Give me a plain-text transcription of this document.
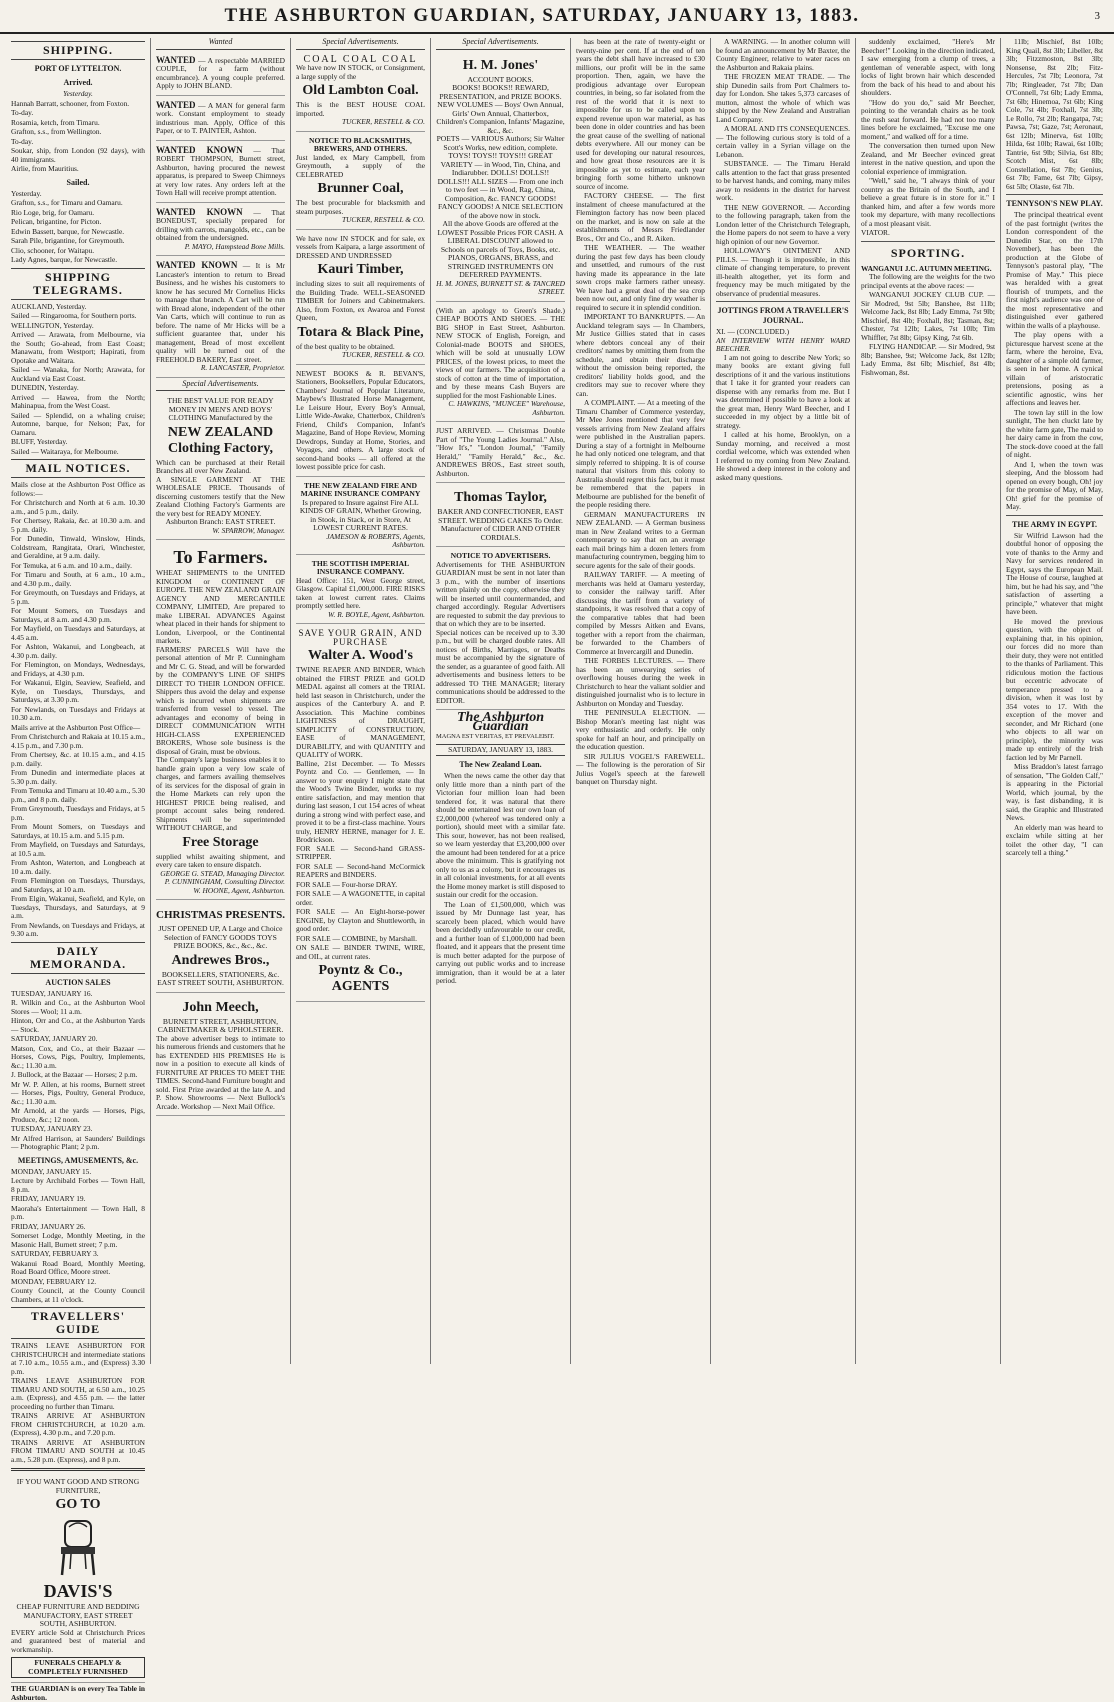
THE ASHBURTON GUARDIAN, SATURDAY, JANUARY 13, 1883.	3
SHIPPING.
PORT OF LYTTELTON.
Arrived.
Yesterday.
Hannah Barratt, schooner, from Foxton.
To-day.
Rosamia, ketch, from Timaru.
Grafton, s.s., from Wellington.
To-day.
Soukar, ship, from London (92 days), with 40 immigrants.
Airlie, from Mauritius.
Sailed.
Yesterday.
Grafton, s.s., for Timaru and Oamaru.
Rio Loge, brig, for Oamaru.
Pelican, brigantine, for Picton.
Edwin Bassett, barque, for Newcastle.
Sarah Pile, brigantine, for Greymouth.
Clio, schooner, for Waitapu.
Lady Agnes, barque, for Newcastle.
SHIPPING TELEGRAMS.
AUCKLAND, Yesterday.
Sailed — Ringarooma, for Southern ports.
WELLINGTON, Yesterday.
Arrived — Arawata, from Melbourne, via the South; Go-ahead, from East Coast; Manawatu, from Westport; Hapirati, from Opotake and Waitara.
Sailed — Wanaka, for North; Arawata, for Auckland via East Coast.
DUNEDIN, Yesterday.
Arrived — Hawea, from the North; Mahinapua, from the West Coast.
Sailed — Splendid, on a whaling cruise; Automne, barque, for Nelson; Pax, for Oamaru.
BLUFF, Yesterday.
Sailed — Waitaraya, for Melbourne.
MAIL NOTICES.
Mails close at the Ashburton Post Office as follows:—
For Christchurch and North at 6 a.m. 10.30 a.m., and 5 p.m., daily.
For Chertsey, Rakaia, &c. at 10.30 a.m. and 5 p.m. daily.
For Dunedin, Tinwald, Winslow, Hinds, Coldstream, Rangitata, Orari, Winchester, and Geraldine, at 9 a.m. daily.
For Temuka, at 6 a.m. and 10 a.m., daily.
For Timaru and South, at 6 a.m., 10 a.m., and 4.30 p.m., daily.
For Greymouth, on Tuesdays and Fridays, at 5 p.m.
For Mount Somers, on Tuesdays and Saturdays, at 8 a.m. and 4.30 p.m.
For Mayfield, on Tuesdays and Saturdays, at 4.45 a.m.
For Ashton, Wakanui, and Longbeach, at 4.30 p.m. daily.
For Flemington, on Mondays, Wednesdays, and Fridays, at 4.30 p.m.
For Wakanui, Elgin, Seaview, Seafield, and Kyle, on Tuesdays, Thursdays, and Saturdays, at 3.30 p.m.
For Newlands, on Tuesdays and Fridays at 10.30 a.m.
Mails arrive at the Ashburton Post Office—
From Christchurch and Rakaia at 10.15 a.m., 4.15 p.m., and 7.30 p.m.
From Chertsey, &c. at 10.15 a.m., and 4.15 p.m. daily.
From Dunedin and intermediate places at 5.30 p.m. daily.
From Temuka and Timaru at 10.40 a.m., 5.30 p.m., and 8 p.m. daily.
From Greymouth, Tuesdays and Fridays, at 5 p.m.
From Mount Somers, on Tuesdays and Saturdays, at 10.15 a.m. and 5.15 p.m.
From Mayfield, on Tuesdays and Saturdays, at 10.5 a.m.
From Ashton, Waterton, and Longbeach at 10 a.m. daily.
From Flemington on Tuesdays, Thursdays, and Saturdays, at 10 a.m.
From Elgin, Wakanui, Seafield, and Kyle, on Tuesdays, Thursdays, and Saturdays, at 9 a.m.
From Newlands, on Tuesdays and Fridays, at 9.30 a.m.
DAILY MEMORANDA.
AUCTION SALES
TUESDAY, JANUARY 16.
R. Wilkin and Co., at the Ashburton Wool Stores — Wool; 11 a.m.
Hinton, Orr and Co., at the Ashburton Yards — Stock.
SATURDAY, JANUARY 20.
Matson, Cox, and Co., at their Bazaar — Horses, Cows, Pigs, Poultry, Implements, &c.; 11.30 a.m.
J. Bullock, at the Bazaar — Horses; 2 p.m.
Mr W. P. Allen, at his rooms, Burnett street — Horses, Pigs, Poultry, General Produce, &c.; 11.30 a.m.
Mr Arnold, at the yards — Horses, Pigs, Produce, &c.; 12 noon.
TUESDAY, JANUARY 23.
Mr Alfred Harrison, at Saunders' Buildings — Photographic Plant; 2 p.m.
MEETINGS, AMUSEMENTS, &c.
MONDAY, JANUARY 15.
Lecture by Archibald Forbes — Town Hall, 8 p.m.
FRIDAY, JANUARY 19.
Maoraha's Entertainment — Town Hall, 8 p.m.
FRIDAY, JANUARY 26.
Somerset Lodge, Monthly Meeting, in the Masonic Hall, Burnett street; 7 p.m.
SATURDAY, FEBRUARY 3.
Wakanui Road Board, Monthly Meeting, Road Board Office, Moore street.
MONDAY, FEBRUARY 12.
County Council, at the County Council Chambers, at 11 o'clock.
TRAVELLERS' GUIDE
TRAINS LEAVE ASHBURTON FOR CHRISTCHURCH and intermediate stations at 7.10 a.m., 10.55 a.m., and (Express) 3.30 p.m.
TRAINS LEAVE ASHBURTON FOR TIMARU AND SOUTH, at 6.50 a.m., 10.25 a.m. (Express), and 4.55 p.m. — the latter proceeding no further than Timaru.
TRAINS ARRIVE AT ASHBURTON FROM CHRISTCHURCH, at 10.20 a.m. (Express), 4.30 p.m., and 7.20 p.m.
TRAINS ARRIVE AT ASHBURTON FROM TIMARU AND SOUTH at 10.45 a.m., 5.28 p.m. (Express), and 8 p.m.
IF YOU WANT GOOD AND STRONG FURNITURE,
GO TO
DAVIS'S
CHEAP FURNITURE AND BEDDING MANUFACTORY, EAST STREET SOUTH, ASHBURTON.
EVERY article Sold at Christchurch Prices and guaranteed best of material and workmanship.
FUNERALS CHEAPLY & COMPLETELY FURNISHED
THE GUARDIAN is on every Tea Table in Ashburton.
Wanted
WANTED — A respectable MARRIED COUPLE, for a farm (without encumbrance). A young couple preferred. Apply to JOHN BLAND.
WANTED — A MAN for general farm work. Constant employment to steady industrious man. Apply, Office of this Paper, or to T. PAINTER, Ashton.
WANTED KNOWN — That ROBERT THOMPSON, Burnett street, Ashburton, having procured the newest apparatus, is prepared to Sweep Chimneys at very low rates. Any orders left at the Town Hall will receive prompt attention.
WANTED KNOWN — That BONEDUST, specially prepared for drilling with carrots, mangolds, etc., can be obtained from the undersigned.
P. MAYO, Hampstead Bone Mills.
WANTED KNOWN — It is Mr Lancaster's intention to return to Bread Business, and he wishes his customers to know he has secured Mr Cornelius Hicks to manage that branch. A Cart will be run with Bread alone, independent of the other Van Carts, which will continue to run as before. The name of Mr Hicks will be a sufficient guarantee that, under his management, Bread of most excellent quality will be turned out of the FREEHOLD BAKERY, East street.
R. LANCASTER, Proprietor.
Special Advertisements.
THE BEST VALUE FOR READY MONEY IN MEN'S AND BOYS' CLOTHING Manufactured by the
NEW ZEALAND Clothing Factory,
Which can be purchased at their Retail Branches all over New Zealand.
A SINGLE GARMENT AT THE WHOLESALE PRICE. Thousands of discerning customers testify that the New Zealand Clothing Factory's Garments are the very best for READY MONEY.
Ashburton Branch: EAST STREET.
W. SPARROW, Manager.
To Farmers.
WHEAT SHIPMENTS to the UNITED KINGDOM or CONTINENT OF EUROPE. THE NEW ZEALAND GRAIN AGENCY AND MERCANTILE COMPANY, LIMITED, Are prepared to make LIBERAL ADVANCES Against wheat placed in their hands for shipment to London, Liverpool, or the Continental markets.
FARMERS' PARCELS Will have the personal attention of Mr P. Cunningham and Mr C. G. Stead, and will be forwarded by the COMPANY'S LINE OF SHIPS DIRECT TO THEIR LONDON OFFICE. Shippers thus avoid the delay and expense which is incurred when shipments are transferred from vessel to vessel. The advantages and economy of being in DIRECT COMMUNICATION WITH HIGH-CLASS EXPERIENCED BROKERS, Whose sole business is the disposal of Grain, must be obvious.
The Company's large business enables it to handle grain upon a very low scale of charges, and farmers availing themselves of its services for the disposal of grain in the Home Markets can rely upon the HIGHEST PRICE being realised, and prompt account sales being rendered. Shipments will be superintended WITHOUT CHARGE, and
Free Storage
supplied whilst awaiting shipment, and every care taken to ensure dispatch.
GEORGE G. STEAD, Managing Director. P. CUNNINGHAM, Consulting Director. W. HOONE, Agent, Ashburton.
CHRISTMAS PRESENTS.
JUST OPENED UP, A Large and Choice Selection of FANCY GOODS TOYS PRIZE BOOKS, &c., &c., &c.
Andrewes Bros.,
BOOKSELLERS, STATIONERS, &c. EAST STREET SOUTH, ASHBURTON.
John Meech,
BURNETT STREET, ASHBURTON, CABINETMAKER & UPHOLSTERER.
The above advertiser begs to intimate to his numerous friends and customers that he has EXTENDED HIS PREMISES He is now in a position to execute all kinds of FURNITURE AT PRICES TO MEET THE TIMES. Second-hand Furniture bought and sold. First Prize awarded at the late A. and P. Show. Showrooms — Next Bullock's Arcade. Workshop — Next Mail Office.
Special Advertisements.
COAL COAL COAL
We have now IN STOCK, or Consignment, a large supply of the
Old Lambton Coal.
This is the BEST HOUSE COAL imported.
TUCKER, RESTELL & CO.
NOTICE TO BLACKSMITHS, BREWERS, AND OTHERS.
Just landed, ex Mary Campbell, from Greymouth, a supply of the CELEBRATED
Brunner Coal,
The best procurable for blacksmith and steam purposes.
TUCKER, RESTELL & CO.
We have now IN STOCK and for sale, ex vessels from Kaipara, a large assortment of DRESSED AND UNDRESSED
Kauri Timber,
including sizes to suit all requirements of the Building Trade. WELL-SEASONED TIMBER for Joiners and Cabinetmakers. Also, from Foxton, ex Awaroa and Forest Queen,
Totara & Black Pine,
of the best quality to be obtained.
TUCKER, RESTELL & CO.
NEWEST BOOKS & R. BEVAN'S, Stationers, Booksellers, Popular Educators, Chambers' Journal of Popular Literature, Maybew's Illustrated Horse Management, Le Leisure Hour, Every Boy's Annual, Little Wide-Awake, Chatterbox, Children's Friend, Child's Companion, Infant's Magazine, Band of Hope Review, Morning Dewdrops, Sunday at Home, Stories, and Voyages, and others. A large stock of second-hand books — all offered at the lowest possible price for cash.
THE NEW ZEALAND FIRE AND MARINE INSURANCE COMPANY
Is prepared to Insure against Fire ALL KINDS OF GRAIN, Whether Growing, in Stook, in Stack, or in Store, At LOWEST CURRENT RATES.
JAMESON & ROBERTS, Agents, Ashburton.
THE SCOTTISH IMPERIAL INSURANCE COMPANY.
Head Office: 151, West George street, Glasgow. Capital £1,000,000. FIRE RISKS taken at lowest current rates. Claims promptly settled here.
W. R. BOYLE, Agent, Ashburton.
SAVE YOUR GRAIN, AND PURCHASE
Walter A. Wood's
TWINE REAPER AND BINDER, Which obtained the FIRST PRIZE and GOLD MEDAL against all comers at the TRIAL held last season in Christchurch, under the auspices of the Canterbury A. and P. Association. This Machine combines LIGHTNESS of DRAUGHT, SIMPLICITY of CONSTRUCTION, EASE of MANAGEMENT, DURABILITY, and with QUANTITY and QUALITY of WORK.
Balline, 21st December. — To Messrs Poyntz and Co. — Gentlemen, — In answer to your enquiry I might state that the Wood's Twine Binder, works to my entire satisfaction, and may mention that during last season, I cut 154 acres of wheat during a strong wind with perfect ease, and proved it to be a first-class machine. Yours truly, HENRY HERNE, manager for J. E. Brodrickson.
FOR SALE — Second-hand GRASS-STRIPPER.
FOR SALE — Second-hand McCormick REAPERS and BINDERS.
FOR SALE — Four-horse DRAY.
FOR SALE — A WAGONETTE, in capital order.
FOR SALE — An Eight-horse-power ENGINE, by Clayton and Shuttleworth, in good order.
FOR SALE — COMBINE, by Marshall.
ON SALE — BINDER TWINE, WIRE, and OIL, at current rates.
Poyntz & Co., AGENTS
Special Advertisements.
H. M. Jones'
ACCOUNT BOOKS.
BOOKS! BOOKS!! REWARD, PRESENTATION, and PRIZE BOOKS. NEW VOLUMES — Boys' Own Annual, Girls' Own Annual, Chatterbox, Children's Companion, Infants' Magazine, &c., &c.
POETS — VARIOUS Authors; Sir Walter Scott's Works, new edition, complete. TOYS! TOYS!! TOYS!!! GREAT VARIETY — in Wood, Tin, China, and Indiarubber. DOLLS! DOLLS!! DOLLS!!! ALL SIZES — From one inch to two feet — in Wood, Rag, China, Composition, &c. FANCY GOODS! FANCY GOODS! A NICE SELECTION of the above now in stock.
All the above Goods are offered at the LOWEST Possible Prices FOR CASH. A LIBERAL DISCOUNT allowed to Schools on parcels of Toys, Books, etc. PIANOS, ORGANS, BRASS, and STRINGED INSTRUMENTS ON DEFERRED PAYMENTS.
H. M. JONES, BURNETT ST. & TANCRED STREET.
(With an apology to Green's Shade.) CHEAP BOOTS AND SHOES. — THE BIG SHOP in East Street, Ashburton. NEW STOCK of English, Foreign, and Colonial-made BOOTS and SHOES, which will be sold at unusually LOW PRICES, of the lowest prices, to meet the views of our farmers. The acquisition of a stock of cotton at the time of importation, and by these means Cash Buyers are supplied for the most Fashionable Lines.
C. HAWKINS, "MUNCEE" Warehouse, Ashburton.
JUST ARRIVED. — Christmas Double Part of "The Young Ladies Journal." Also, "How It's," "London Journal," "Family Herald," "Family Herald," &c., &c. ANDREWES BROS., East street south, Ashburton.
Thomas Taylor,
BAKER AND CONFECTIONER, EAST STREET. WEDDING CAKES To Order. Manufacturer of CIDER AND OTHER CORDIALS.
NOTICE TO ADVERTISERS.
Advertisements for THE ASHBURTON GUARDIAN must be sent in not later than 3 p.m., with the number of insertions written plainly on the copy, otherwise they will be inserted until countermanded, and charged accordingly. Regular Advertisers are requested to submit the day previous to that on which they are to be inserted.
Special notices can be received up to 3.30 p.m., but will be charged double rates. All notices of Births, Marriages, or Deaths must be accompanied by the signature of the sender, as a guarantee of good faith. All advertisements and business letters to be addressed TO THE MANAGER; literary communications should be addressed to the EDITOR.
The Ashburton Guardian
MAGNA EST VERITAS, ET PREVALEBIT.
SATURDAY, JANUARY 13, 1883.
The New Zealand Loan.

When the news came the other day that only little more than a ninth part of the Victorian four million loan had been tendered for, it was natural that there should be entertained lest our own loan of £2,000,000 (whereof was tendered only a portion), should meet with a similar fate. This sour, however, has not been realised, so we learn yesterday that £3,200,000 over the amount had been tendered for at a price above the minimum. This is gratifying not only to us as a colony, but it encourages us in all colonial investments, for at all events the Home money market is still disposed to sustain our credit for the occasion.

The Loan of £1,500,000, which was issued by Mr Dunnage last year, has scarcely been placed, which would have been decidedly unfavourable to our credit, and a further loan of £1,000,000 had been floated, and it appears that the present time is much better adapted for the purpose of carrying out public works and to increase immigration, than it would be at a later period.

has been at the rate of twenty-eight or twenty-nine per cent. If at the end of ten years the debt shall have increased to £30 millions, our profit will be in the same proportion. Then, again, we have the prodigious advantage over European countries, in being, so far isolated from the rest of the world that it is next to impossible for us to be called upon to expend revenue upon war material, as has been done in older countries and has been the great cause of the swelling of national debts everywhere. All our money can be used for developing our natural resources, and how great those resources are it is impossible as yet to estimate, each year bringing forth some hitherto unknown source of income.

FACTORY CHEESE. — The first instalment of cheese manufactured at the Flemington factory has now been placed on the market, and is now on sale at the establishments of Messrs Friedlander Bros., Orr and Co., and R. Aiken.

THE WEATHER. — The weather during the past few days has been cloudy and unsettled, and rumours of the rust having made its appearance in the late sown crops make farmers rather uneasy. We have had a great deal of the sea crop been now out, and only fine dry weather is required to secure it in splendid condition.

IMPORTANT TO BANKRUPTS. — An Auckland telegram says — In Chambers, Mr Justice Gillies stated that in cases where debtors conceal any of their creditors' names by omitting them from the schedule, and obtain their discharge without the omission being reported, the creditors' liability holds good, and the creditors may sue to recover where they can.

A COMPLAINT. — At a meeting of the Timaru Chamber of Commerce yesterday, Mr Mee Jones mentioned that very few vessels arriving from New Zealand affairs were published in the Australian papers. During a stay of a fortnight in Melbourne he had only noticed one telegram, and that simply referred to shipping. It is of course natural that visitors from this colony to Australia should regret this fact, but it must be remembered that the papers in Melbourne are published for the benefit of the people residing there.

GERMAN MANUFACTURERS IN NEW ZEALAND. — A German business man in New Zealand writes to a German contemporary to say that on an average each mail brings him a dozen letters from manufacturing countrymen, begging him to secure agents for the sale of their goods.

RAILWAY TARIFF. — A meeting of merchants was held at Oamaru yesterday, to consider the railway tariff. After discussing the tariff from a variety of standpoints, it was resolved that a copy of the comparative tables that had been compiled by Messrs Aitken and Evans, together with a report from the chairman, be forwarded to the Chambers of Commerce at Invercargill and Dunedin.

THE FORBES LECTURES. — There has been an unwearying series of overflowing houses during the week in Christchurch to hear the valiant soldier and distinguished journalist who is to lecture in Ashburton on Monday and Tuesday.

THE PENINSULA ELECTION. — Bishop Moran's meeting last night was very enthusiastic and orderly. He only spoke for half an hour, and principally on the education question.

SIR JULIUS VOGEL'S FAREWELL. — The following is the peroration of Sir Julius Vogel's speech at the farewell banquet on Thursday night.

A WARNING. — In another column will be found an announcement by Mr Baxter, the County Engineer, relative to water races on the Ashburton and Rakaia plains.

THE FROZEN MEAT TRADE. — The ship Dunedin sails from Port Chalmers to-day for London. She takes 5,373 carcases of mutton, almost the whole of which was shipped by the New Zealand and Australian Land Company.

A MORAL AND ITS CONSEQUENCES. — The following curious story is told of a certain valley in a Syrian village on the Lebanon.

SUBSTANCE. — The Timaru Herald calls attention to the fact that grass presented to be harvest hands, and coming, many miles away to residents in the district for harvest work.

THE NEW GOVERNOR. — According to the following paragraph, taken from the London letter of the Christchurch Telegraph, the Home papers do not seem to have a very high opinion of our new Governor.

HOLLOWAY'S OINTMENT AND PILLS. — Though it is impossible, in this climate of changing temperature, to prevent ill-health altogether, yet its form and frequency may be much mitigated by the observance of prudential measures.

JOTTINGS FROM A TRAVELLER'S JOURNAL.
XI. — (CONCLUDED.)
AN INTERVIEW WITH HENRY WARD BEECHER.

I am not going to describe New York; so many books are extant giving full descriptions of it and the various institutions that I take it for granted your readers can dispense with any remarks from me. But I was determined if possible to have a look at the great man, Henry Ward Beecher, and I succeeded in my object by a little bit of strategy.

I called at his home, Brooklyn, on a Sunday morning, and received a most cordial welcome, which was extended when I referred to my coming from New Zealand. He showed a deep interest in the colony and asked many questions.

suddenly exclaimed, "Here's Mr Beecher!" Looking in the direction indicated, I saw emerging from a clump of trees, a gentleman of venerable aspect, with long locks of light brown hair which descended from the back of his head to and about his shoulders.

"How do you do," said Mr Beecher, pointing to the verandah chairs as he took the rush seat forward. He had not too many lines before he exclaimed, "Excuse me one moment," and walked off for a time.

The conversation then turned upon New Zealand, and Mr Beecher evinced great interest in the native question, and upon the colonial experience of immigration.

"Well," said he, "I always think of your country as the Britain of the South, and I believe a great future is in store for it." I thanked him, and after a few words more took my departure, with many recollections of a most pleasant visit.

VIATOR.
SPORTING.
WANGANUI J.C. AUTUMN MEETING.

The following are the weights for the two principal events at the above races: —

WANGANUI JOCKEY CLUB CUP. — Sir Modred, 9st 5lb; Banshee, 8st 11lb; Welcome Jack, 8st 8lb; Lady Emma, 7st 9lb; Mischief, 8st 4lb; Foxhall, 8st; Tasman, 8st; Chester, 7st 12lb; Lakes, 7st 10lb; Tim Whiffler, 7st 8lb; Gipsy King, 7st 6lb.

FLYING HANDICAP. — Sir Modred, 9st 8lb; Banshee, 9st; Welcome Jack, 8st 12lb; Lady Emma, 8st 6lb; Mischief, 8st 4lb; Fishwoman, 8st.

11lb; Mischief, 8st 10lb; King Quail, 8st 3lb; Libeller, 8st 3lb; Fitzzmoston, 8st 3lb; Nonsense, 8st 2lb; Fitz-Hercules, 7st 7lb; Leonora, 7st 7lb; Ringleader, 7st 7lb; Dan O'Connell, 7st 6lb; Lady Emma, 7st 6lb; Hinemoa, 7st 6lb; King Cole, 7st 4lb; Foxhall, 7st 3lb; Le Rollo, 7st 2lb; Rangatpa, 7st; Pawsa, 7st; Gaze, 7st; Aeronaut, 6st 12lb; Minerva, 6st 10lb; Hilda, 6st 10lb; Rawai, 6st 10lb; Tantrie, 6st 9lb; Silvia, 6st 8lb; Scotch Mist, 6st 8lb; Constellation, 6st 7lb; Genius, 6st 7lb; Fame, 6st 7lb; Gipsy, 6st 5lb; Olaste, 6st 7lb.

TENNYSON'S NEW PLAY.

The principal theatrical event of the past fortnight (writes the London correspondent of the Dunedin Star, on the 17th November), has been the production at the Globe of Tennyson's pastoral play, "The Promise of May." This piece was heralded with a great flourish of trumpets, and the first night's audience was one of the most representative and distinguished ever gathered within the walls of a playhouse.

The play opens with a picturesque harvest scene at the farm, where the heroine, Eva, daughter of a simple old farmer, is seen in her home. A cynical villain of aristocratic pretensions, posing as a scientific agnostic, wins her affections and leaves her.

The town lay still in the low sunlight, The hen cluckt late by the white farm gate, The maid to her dairy came in from the cow, The stock-dove cooed at the fall of night.

And I, when the town was sleeping, And the blossom had opened on every bough, Oh! joy for the promise of May, of May, Oh! grief for the promise of May.

THE ARMY IN EGYPT.

Sir Wilfrid Lawson had the doubtful honor of opposing the vote of thanks to the Army and Navy for services rendered in Egypt, says the European Mail. The House of course, laughed at him, but he had his say, and "the satisfaction of asserting a principle," whatever that might have been.

He moved the previous question, with the object of explaining that, in his opinion, our forces did no more than their duty, they were not entitled to the thanks of Parliament. This ridiculous motion the factious but eccentric advocate of temperance pressed to a division, when it was lost by 354 votes to 17. With the exception of the mover and seconder, and Mr Richard (one who objects to all war on principle), the minority was made up entirely of the Irish faction led by Mr Parnell.

Miss Braddon's latest farrago of sensation, "The Golden Calf," is appearing in the Pictorial World, which journal, by the way, is fast disbanding, it is said, the Graphic and Illustrated News.

An elderly man was heard to exclaim while sitting at her toilet the other day, "I can scarcely tell a thing."
